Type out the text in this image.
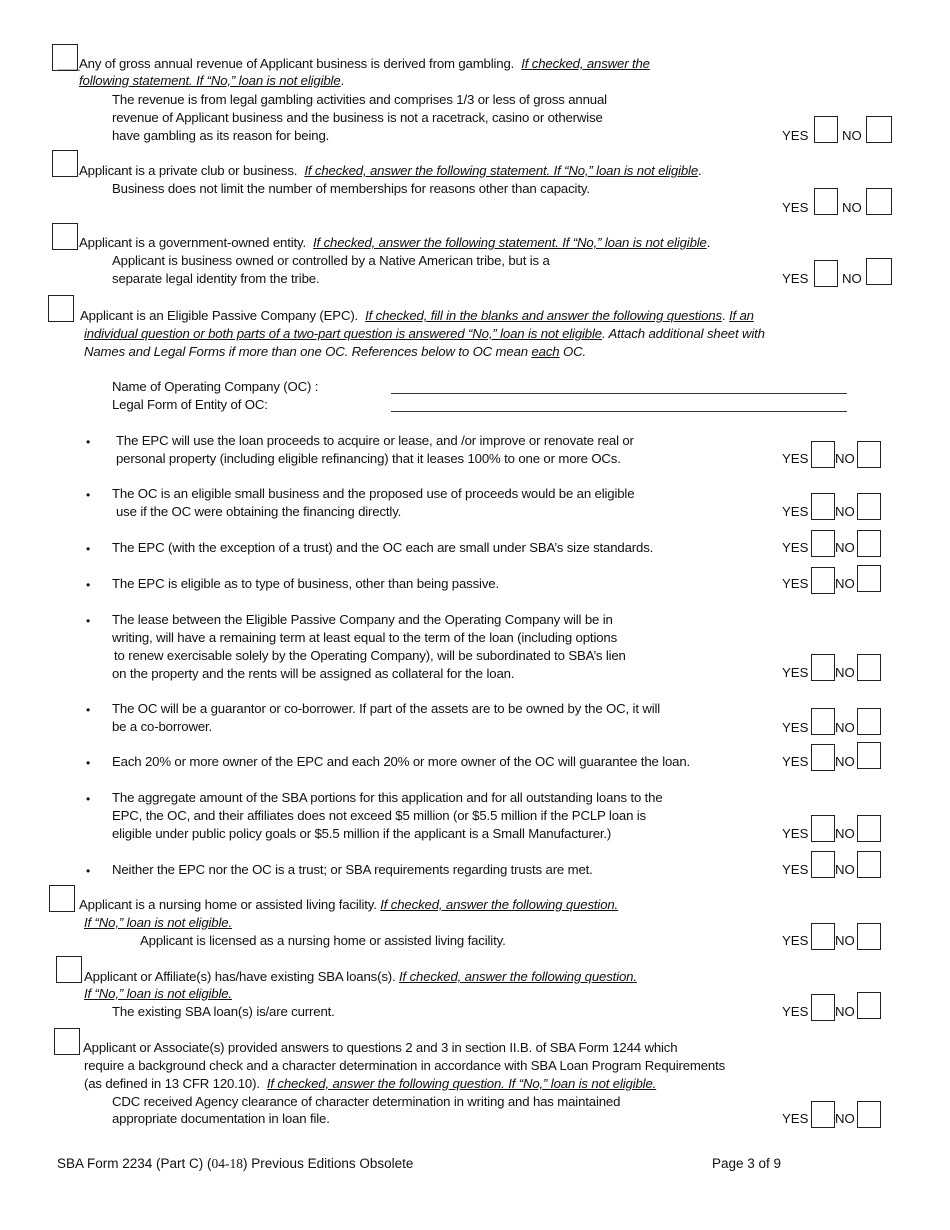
___ Any of gross annual revenue of Applicant business is derived from gambling. If checked, answer the
following statement. If “No,” loan is not eligible.
The revenue is from legal gambling activities and comprises 1/3 or less of gross annual
revenue of Applicant business and the business is not a racetrack, casino or otherwise
have gambling as its reason for being.	YES	NO
Applicant is a private club or business. If checked, answer the following statement. If “No,” loan is not eligible.
Business does not limit the number of memberships for reasons other than capacity.
YES	NO
Applicant is a government-owned entity. If checked, answer the following statement. If “No,” loan is not eligible.
Applicant is business owned or controlled by a Native American tribe, but is a
separate legal identity from the tribe.	YES	NO
Applicant is an Eligible Passive Company (EPC). If checked, fill in the blanks and answer the following questions. If an
individual question or both parts of a two-part question is answered “No,” loan is not eligible. Attach additional sheet with
Names and Legal Forms if more than one OC. References below to OC mean each OC.
Name of Operating Company (OC) :
Legal Form of Entity of OC:
• The EPC will use the loan proceeds to acquire or lease, and /or improve or renovate real or
personal property (including eligible refinancing) that it leases 100% to one or more OCs.	YES NO
• The OC is an eligible small business and the proposed use of proceeds would be an eligible
use if the OC were obtaining the financing directly.	YES NO
• The EPC (with the exception of a trust) and the OC each are small under SBA’s size standards.	YES NO
• The EPC is eligible as to type of business, other than being passive.	YES NO
• The lease between the Eligible Passive Company and the Operating Company will be in
writing, will have a remaining term at least equal to the term of the loan (including options
to renew exercisable solely by the Operating Company), will be subordinated to SBA’s lien
on the property and the rents will be assigned as collateral for the loan.	YES NO
• The OC will be a guarantor or co-borrower. If part of the assets are to be owned by the OC, it will
be a co-borrower.	YES NO
• Each 20% or more owner of the EPC and each 20% or more owner of the OC will guarantee the loan.	YES NO
• The aggregate amount of the SBA portions for this application and for all outstanding loans to the
EPC, the OC, and their affiliates does not exceed $5 million (or $5.5 million if the PCLP loan is
eligible under public policy goals or $5.5 million if the applicant is a Small Manufacturer.)	YES NO
• Neither the EPC nor the OC is a trust; or SBA requirements regarding trusts are met.	YES NO
Applicant is a nursing home or assisted living facility. If checked, answer the following question.
If “No,” loan is not eligible.
Applicant is licensed as a nursing home or assisted living facility.	YES NO
Applicant or Affiliate(s) has/have existing SBA loans(s). If checked, answer the following question.
If “No,” loan is not eligible.
The existing SBA loan(s) is/are current.	YES NO
Applicant or Associate(s) provided answers to questions 2 and 3 in section II.B. of SBA Form 1244 which
require a background check and a character determination in accordance with SBA Loan Program Requirements
(as defined in 13 CFR 120.10). If checked, answer the following question. If “No,” loan is not eligible.
CDC received Agency clearance of character determination in writing and has maintained
appropriate documentation in loan file.	YES NO
SBA Form 2234 (Part C) (04-18) Previous Editions Obsolete	Page 3 of 9
